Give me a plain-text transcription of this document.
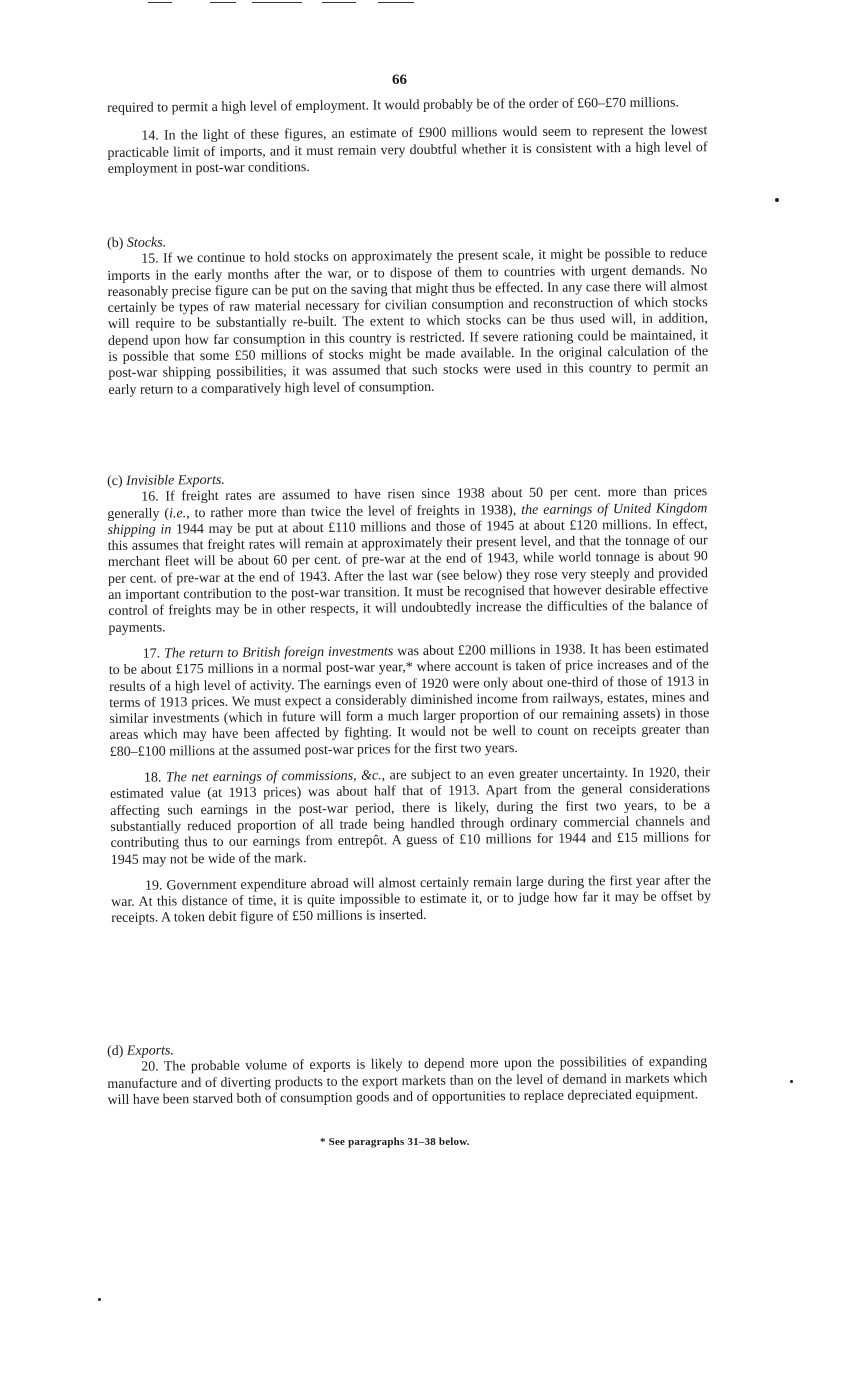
66

required to permit a high level of employment. It would probably be of the order of £60–£70 millions.

14. In the light of these figures, an estimate of £900 millions would seem to represent the lowest practicable limit of imports, and it must remain very doubtful whether it is consistent with a high level of employment in post-war conditions.

(b) Stocks.

15. If we continue to hold stocks on approximately the present scale, it might be possible to reduce imports in the early months after the war, or to dispose of them to countries with urgent demands. No reasonably precise figure can be put on the saving that might thus be effected. In any case there will almost certainly be types of raw material necessary for civilian consumption and reconstruction of which stocks will require to be substantially re-built. The extent to which stocks can be thus used will, in addition, depend upon how far consumption in this country is restricted. If severe rationing could be maintained, it is possible that some £50 millions of stocks might be made available. In the original calculation of the post-war shipping possibilities, it was assumed that such stocks were used in this country to permit an early return to a comparatively high level of consumption.

(c) Invisible Exports.

16. If freight rates are assumed to have risen since 1938 about 50 per cent. more than prices generally (i.e., to rather more than twice the level of freights in 1938), the earnings of United Kingdom shipping in 1944 may be put at about £110 millions and those of 1945 at about £120 millions. In effect, this assumes that freight rates will remain at approximately their present level, and that the tonnage of our merchant fleet will be about 60 per cent. of pre-war at the end of 1943, while world tonnage is about 90 per cent. of pre-war at the end of 1943. After the last war (see below) they rose very steeply and provided an important contribution to the post-war transition. It must be recognised that however desirable effective control of freights may be in other respects, it will undoubtedly increase the difficulties of the balance of payments.

17. The return to British foreign investments was about £200 millions in 1938. It has been estimated to be about £175 millions in a normal post-war year,* where account is taken of price increases and of the results of a high level of activity. The earnings even of 1920 were only about one-third of those of 1913 in terms of 1913 prices. We must expect a considerably diminished income from railways, estates, mines and similar investments (which in future will form a much larger proportion of our remaining assets) in those areas which may have been affected by fighting. It would not be well to count on receipts greater than £80–£100 millions at the assumed post-war prices for the first two years.

18. The net earnings of commissions, &c., are subject to an even greater uncertainty. In 1920, their estimated value (at 1913 prices) was about half that of 1913. Apart from the general considerations affecting such earnings in the post-war period, there is likely, during the first two years, to be a substantially reduced proportion of all trade being handled through ordinary commercial channels and contributing thus to our earnings from entrepôt. A guess of £10 millions for 1944 and £15 millions for 1945 may not be wide of the mark.

19. Government expenditure abroad will almost certainly remain large during the first year after the war. At this distance of time, it is quite impossible to estimate it, or to judge how far it may be offset by receipts. A token debit figure of £50 millions is inserted.

(d) Exports.

20. The probable volume of exports is likely to depend more upon the possibilities of expanding manufacture and of diverting products to the export markets than on the level of demand in markets which will have been starved both of consumption goods and of opportunities to replace depreciated equipment.

* See paragraphs 31–38 below.
